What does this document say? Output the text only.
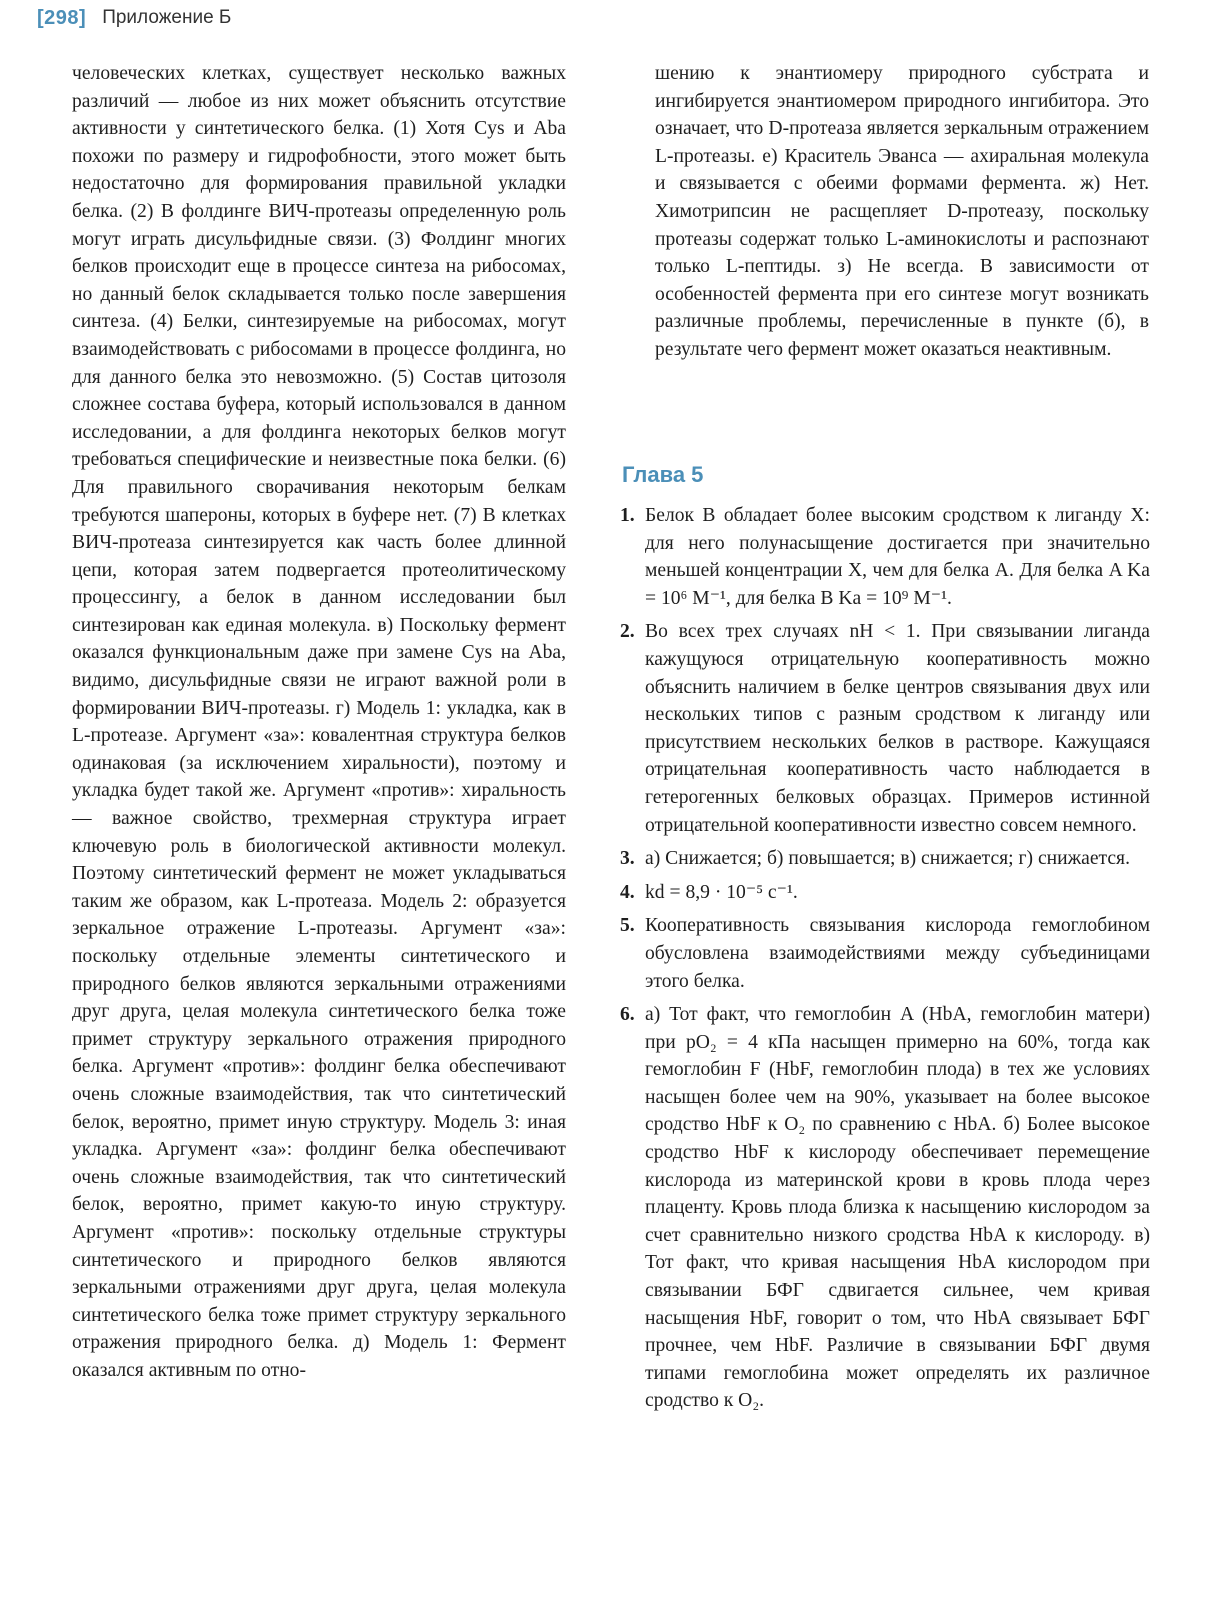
[298] Приложение Б

человеческих клетках, существует несколько важных различий — любое из них может объяснить отсутствие активности у синтетического белка. (1) Хотя Cys и Aba похожи по размеру и гидрофобности, этого может быть недостаточно для формирования правильной укладки белка. (2) В фолдинге ВИЧ-протеазы определенную роль могут играть дисульфидные связи. (3) Фолдинг многих белков происходит еще в процессе синтеза на рибосомах, но данный белок складывается только после завершения синтеза. (4) Белки, синтезируемые на рибосомах, могут взаимодействовать с рибосомами в процессе фолдинга, но для данного белка это невозможно. (5) Состав цитозоля сложнее состава буфера, который использовался в данном исследовании, а для фолдинга некоторых белков могут требоваться специфические и неизвестные пока белки. (6) Для правильного сворачивания некоторым белкам требуются шапероны, которых в буфере нет. (7) В клетках ВИЧ-протеаза синтезируется как часть более длинной цепи, которая затем подвергается протеолитическому процессингу, а белок в данном исследовании был синтезирован как единая молекула. в) Поскольку фермент оказался функциональным даже при замене Cys на Aba, видимо, дисульфидные связи не играют важной роли в формировании ВИЧ-протеазы. г) Модель 1: укладка, как в L-протеазе. Аргумент «за»: ковалентная структура белков одинаковая (за исключением хиральности), поэтому и укладка будет такой же. Аргумент «против»: хиральность — важное свойство, трехмерная структура играет ключевую роль в биологической активности молекул. Поэтому синтетический фермент не может укладываться таким же образом, как L-протеаза. Модель 2: образуется зеркальное отражение L-протеазы. Аргумент «за»: поскольку отдельные элементы синтетического и природного белков являются зеркальными отражениями друг друга, целая молекула синтетического белка тоже примет структуру зеркального отражения природного белка. Аргумент «против»: фолдинг белка обеспечивают очень сложные взаимодействия, так что синтетический белок, вероятно, примет иную структуру. Модель 3: иная укладка. Аргумент «за»: фолдинг белка обеспечивают очень сложные взаимодействия, так что синтетический белок, вероятно, примет какую-то иную структуру. Аргумент «против»: поскольку отдельные структуры синтетического и природного белков являются зеркальными отражениями друг друга, целая молекула синтетического белка тоже примет структуру зеркального отражения природного белка. д) Модель 1: Фермент оказался активным по отно-

шению к энантиомеру природного субстрата и ингибируется энантиомером природного ингибитора. Это означает, что D-протеаза является зеркальным отражением L-протеазы. е) Краситель Эванса — ахиральная молекула и связывается с обеими формами фермента. ж) Нет. Химотрипсин не расщепляет D-протеазу, поскольку протеазы содержат только L-аминокислоты и распознают только L-пептиды. з) Не всегда. В зависимости от особенностей фермента при его синтезе могут возникать различные проблемы, перечисленные в пункте (б), в результате чего фермент может оказаться неактивным.

Глава 5
1. Белок B обладает более высоким сродством к лиганду X: для него полунасыщение достигается при значительно меньшей концентрации X, чем для белка A. Для белка A Ka = 10⁶ M⁻¹, для белка B Ka = 10⁹ M⁻¹.
2. Во всех трех случаях nH < 1. При связывании лиганда кажущуюся отрицательную кооперативность можно объяснить наличием в белке центров связывания двух или нескольких типов с разным сродством к лиганду или присутствием нескольких белков в растворе. Кажущаяся отрицательная кооперативность часто наблюдается в гетерогенных белковых образцах. Примеров истинной отрицательной кооперативности известно совсем немного.
3. а) Снижается; б) повышается; в) снижается; г) снижается.
4. kd = 8,9 · 10⁻⁵ с⁻¹.
5. Кооперативность связывания кислорода гемоглобином обусловлена взаимодействиями между субъединицами этого белка.
6. а) Тот факт, что гемоглобин A (HbA, гемоглобин матери) при pO₂ = 4 кПа насыщен примерно на 60%, тогда как гемоглобин F (HbF, гемоглобин плода) в тех же условиях насыщен более чем на 90%, указывает на более высокое сродство HbF к O₂ по сравнению с HbA. б) Более высокое сродство HbF к кислороду обеспечивает перемещение кислорода из материнской крови в кровь плода через плаценту. Кровь плода близка к насыщению кислородом за счет сравнительно низкого сродства HbA к кислороду. в) Тот факт, что кривая насыщения HbA кислородом при связывании БФГ сдвигается сильнее, чем кривая насыщения HbF, говорит о том, что HbA связывает БФГ прочнее, чем HbF. Различие в связывании БФГ двумя типами гемоглобина может определять их различное сродство к O₂.
